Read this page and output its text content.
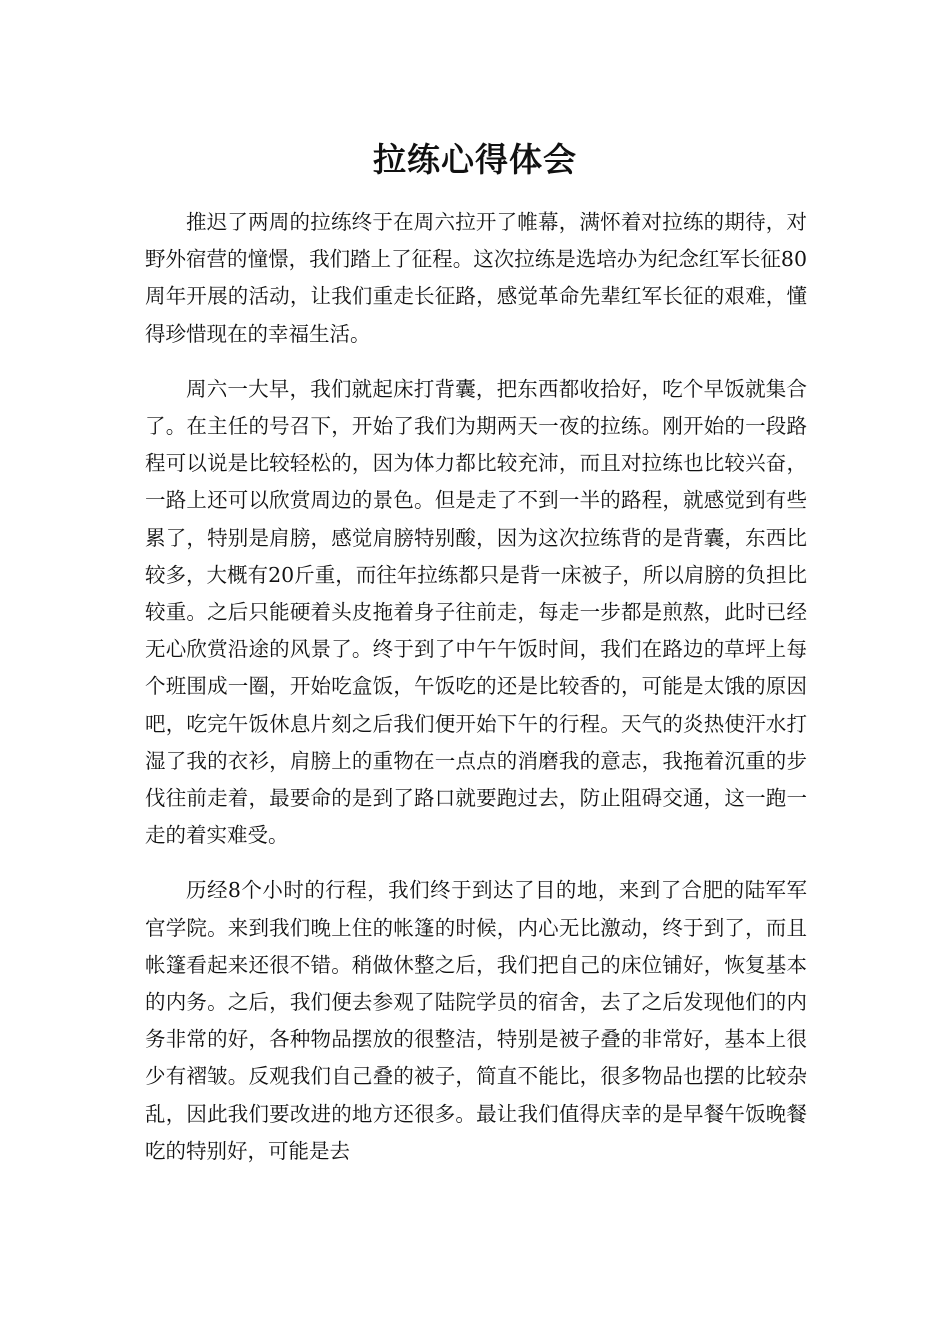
拉练心得体会

推迟了两周的拉练终于在周六拉开了帷幕，满怀着对拉练的期待，对野外宿营的憧憬，我们踏上了征程。这次拉练是选培办为纪念红军长征80周年开展的活动，让我们重走长征路，感觉革命先辈红军长征的艰难，懂得珍惜现在的幸福生活。

周六一大早，我们就起床打背囊，把东西都收拾好，吃个早饭就集合了。在主任的号召下，开始了我们为期两天一夜的拉练。刚开始的一段路程可以说是比较轻松的，因为体力都比较充沛，而且对拉练也比较兴奋，一路上还可以欣赏周边的景色。但是走了不到一半的路程，就感觉到有些累了，特别是肩膀，感觉肩膀特别酸，因为这次拉练背的是背囊，东西比较多，大概有20斤重，而往年拉练都只是背一床被子，所以肩膀的负担比较重。之后只能硬着头皮拖着身子往前走，每走一步都是煎熬，此时已经无心欣赏沿途的风景了。终于到了中午午饭时间，我们在路边的草坪上每个班围成一圈，开始吃盒饭，午饭吃的还是比较香的，可能是太饿的原因吧，吃完午饭休息片刻之后我们便开始下午的行程。天气的炎热使汗水打湿了我的衣衫，肩膀上的重物在一点点的消磨我的意志，我拖着沉重的步伐往前走着，最要命的是到了路口就要跑过去，防止阻碍交通，这一跑一走的着实难受。

历经8个小时的行程，我们终于到达了目的地，来到了合肥的陆军军官学院。来到我们晚上住的帐篷的时候，内心无比激动，终于到了，而且帐篷看起来还很不错。稍做休整之后，我们把自己的床位铺好，恢复基本的内务。之后，我们便去参观了陆院学员的宿舍，去了之后发现他们的内务非常的好，各种物品摆放的很整洁，特别是被子叠的非常好，基本上很少有褶皱。反观我们自己叠的被子，简直不能比，很多物品也摆的比较杂乱，因此我们要改进的地方还很多。最让我们值得庆幸的是早餐午饭晚餐吃的特别好，可能是去
